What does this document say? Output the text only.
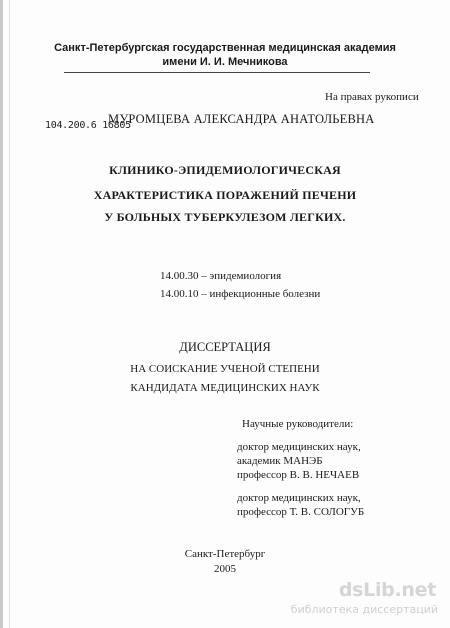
Санкт-Петербургская государственная медицинская академия
имени И. И. Мечникова
На правах рукописи
104.200.6 16805
МУРОМЦЕВА АЛЕКСАНДРА АНАТОЛЬЕВНА
КЛИНИКО-ЭПИДЕМИОЛОГИЧЕСКАЯ
ХАРАКТЕРИСТИКА ПОРАЖЕНИЙ ПЕЧЕНИ
У БОЛЬНЫХ ТУБЕРКУЛЕЗОМ ЛЕГКИХ.
14.00.30 – эпидемиология
14.00.10 – инфекционные болезни
ДИССЕРТАЦИЯ
НА СОИСКАНИЕ УЧЕНОЙ СТЕПЕНИ
КАНДИДАТА МЕДИЦИНСКИХ НАУК
Научные руководители:
доктор медицинских наук,
академик МАНЭБ
профессор В. В. НЕЧАЕВ
доктор медицинских наук,
профессор Т. В. СОЛОГУБ
Санкт-Петербург
2005
dsLib.net
библиотека диссертаций
